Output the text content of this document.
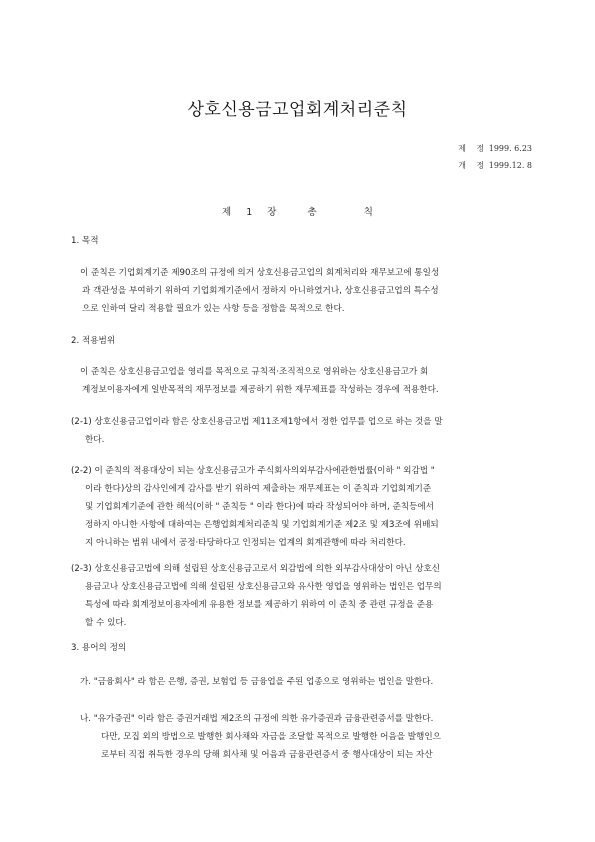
상호신용금고업회계처리준칙
제 정 1999. 6.23
개 정 1999.12. 8
제 1 장	총	칙
1. 목적
이 준칙은 기업회계기준 제90조의 규정에 의거 상호신용금고업의 회계처리와 재무보고에 통일성
과 객관성을 부여하기 위하여 기업회계기준에서 정하지 아니하였거나, 상호신용금고업의 특수성
으로 인하여 달리 적용할 필요가 있는 사항 등을 정함을 목적으로 한다.
2. 적용범위
이 준칙은 상호신용금고업을 영리를 목적으로 규칙적·조직적으로 영위하는 상호신용금고가 회
계정보이용자에게 일반목적의 재무정보를 제공하기 위한 재무제표를 작성하는 경우에 적용한다.
(2-1) 상호신용금고업이라 함은 상호신용금고법 제11조제1항에서 정한 업무를 업으로 하는 것을 말
한다.
(2-2) 이 준칙의 적용대상이 되는 상호신용금고가 주식회사의외부감사에관한법률(이하 " 외감법 "
이라 한다)상의 감사인에게 감사를 받기 위하여 제출하는 재무제표는 이 준칙과 기업회계기준
및 기업회계기준에 관한 해석(이하 " 준칙등 " 이라 한다)에 따라 작성되어야 하며, 준칙등에서
정하지 아니한 사항에 대하여는 은행업회계처리준칙 및 기업회계기준 제2조 및 제3조에 위배되
지 아니하는 범위 내에서 공정·타당하다고 인정되는 업계의 회계관행에 따라 처리한다.
(2-3) 상호신용금고법에 의해 설립된 상호신용금고로서 외감법에 의한 외부감사대상이 아닌 상호신
용금고나 상호신용금고법에 의해 설립된 상호신용금고와 유사한 영업을 영위하는 법인은 업무의
특성에 따라 회계정보이용자에게 유용한 정보를 제공하기 위하여 이 준칙 중 관련 규정을 준용
할 수 있다.
3. 용어의 정의
가. "금융회사" 라 함은 은행, 증권, 보험업 등 금융업을 주된 업종으로 영위하는 법인을 말한다.
나. "유가증권" 이라 함은 증권거래법 제2조의 규정에 의한 유가증권과 금융관련증서를 말한다.
다만, 모집 외의 방법으로 발행한 회사채와 자금을 조달할 목적으로 발행한 어음을 발행인으
로부터 직접 취득한 경우의 당해 회사채 및 어음과 금융관련증서 중 행사대상이 되는 자산
